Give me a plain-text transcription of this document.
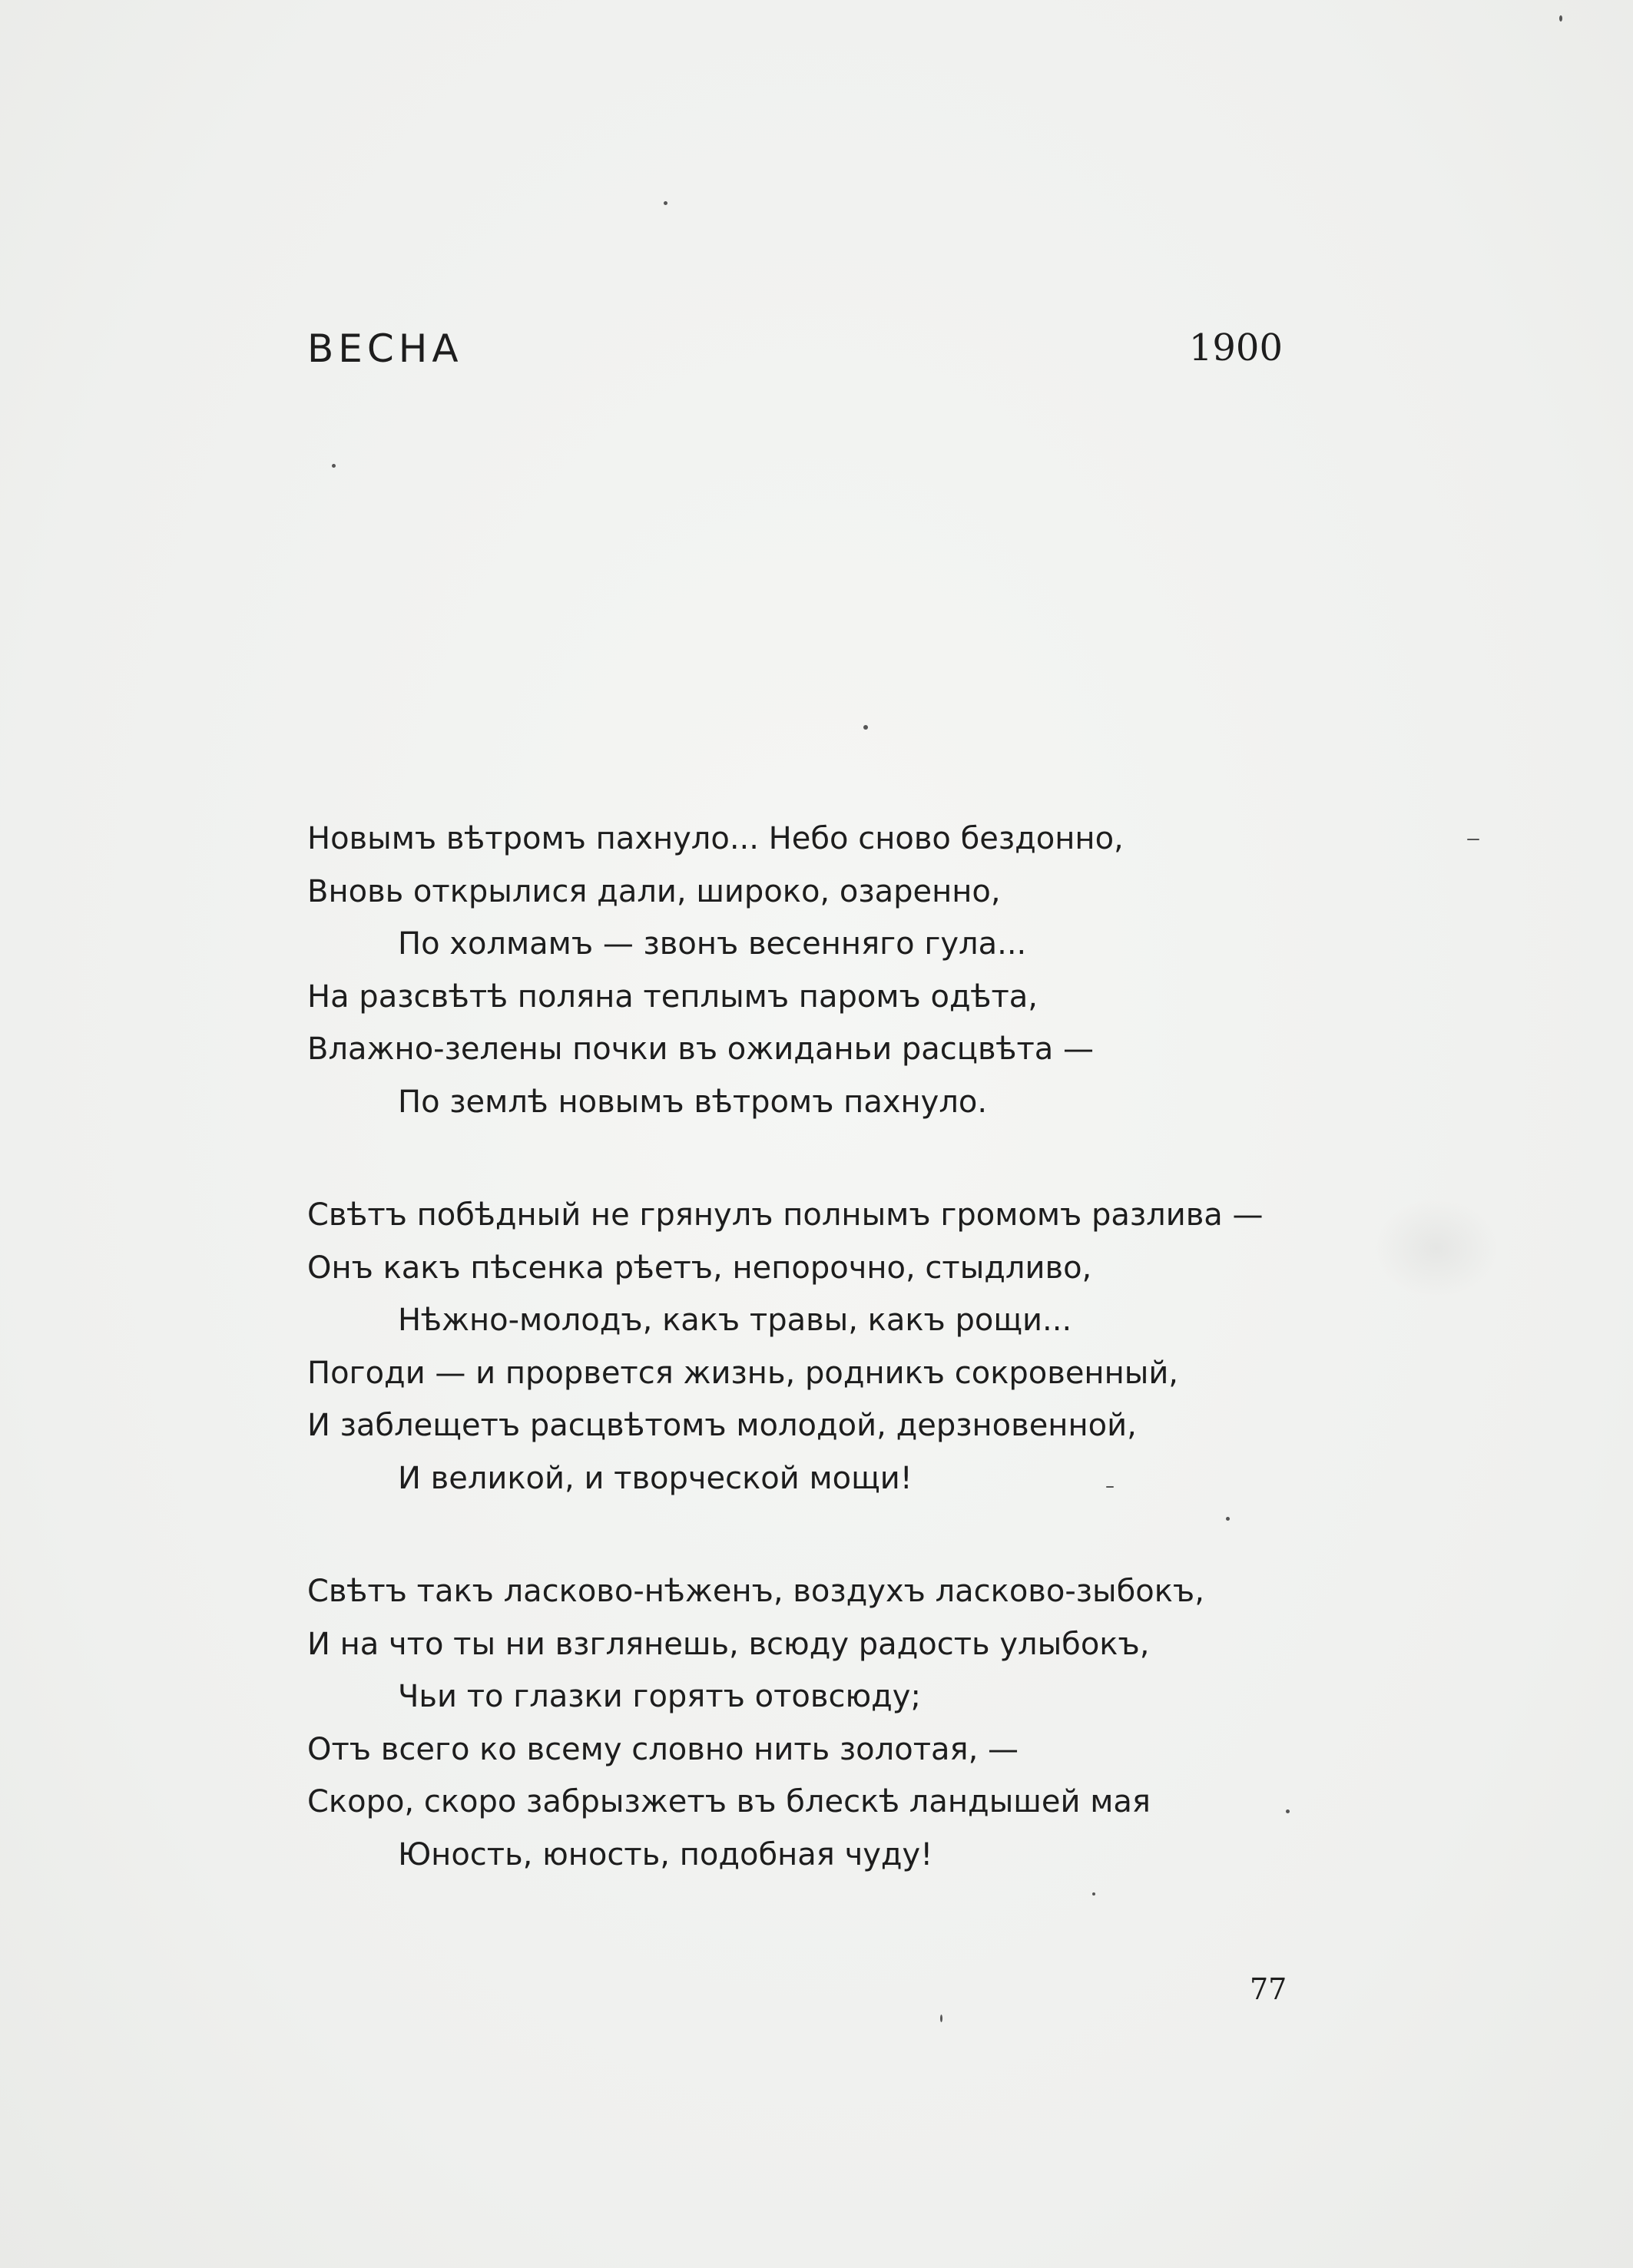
ВЕСНА	1900
Новымъ вѣтромъ пахнуло... Небо сново бездонно,
Вновь открылися дали, широко, озаренно,
По холмамъ — звонъ весенняго гула...
На разсвѣтѣ поляна теплымъ паромъ одѣта,
Влажно-зелены почки въ ожиданьи расцвѣта —
По землѣ новымъ вѣтромъ пахнуло.
Свѣтъ побѣдный не грянулъ полнымъ громомъ разлива —
Онъ какъ пѣсенка рѣетъ, непорочно, стыдливо,
Нѣжно-молодъ, какъ травы, какъ рощи...
Погоди — и прорвется жизнь, родникъ сокровенный,
И заблещетъ расцвѣтомъ молодой, дерзновенной,
И великой, и творческой мощи!
Свѣтъ такъ ласково-нѣженъ, воздухъ ласково-зыбокъ,
И на что ты ни взглянешь, всюду радость улыбокъ,
Чьи то глазки горятъ отовсюду;
Отъ всего ко всему словно нить золотая, —
Скоро, скоро забрызжетъ въ блескѣ ландышей мая
Юность, юность, подобная чуду!
77
